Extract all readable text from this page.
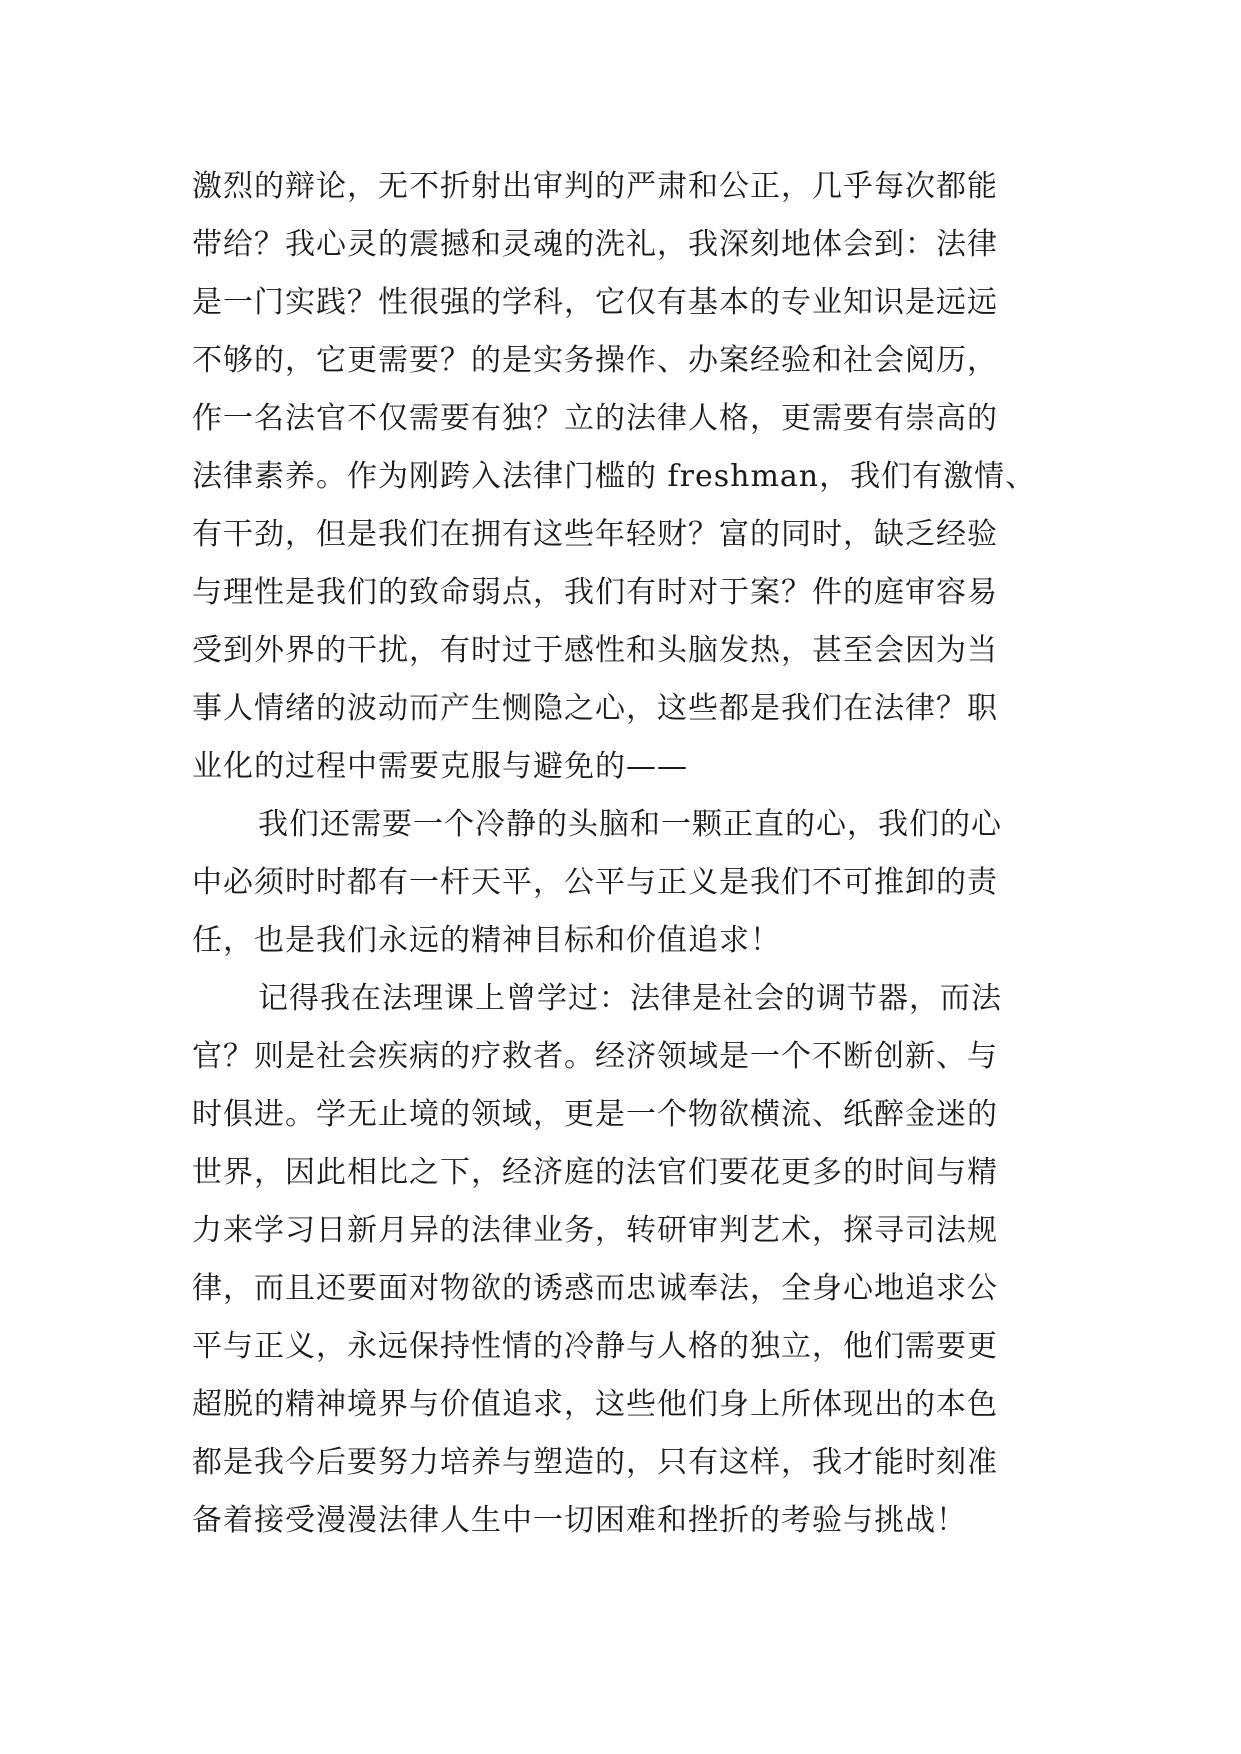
激烈的辩论，无不折射出审判的严肃和公正，几乎每次都能
带给？我心灵的震撼和灵魂的洗礼，我深刻地体会到：法律
是一门实践？性很强的学科，它仅有基本的专业知识是远远
不够的，它更需要？的是实务操作、办案经验和社会阅历，
作一名法官不仅需要有独？立的法律人格，更需要有崇高的
法律素养。作为刚跨入法律门槛的 freshman，我们有激情、
有干劲，但是我们在拥有这些年轻财？富的同时，缺乏经验
与理性是我们的致命弱点，我们有时对于案？件的庭审容易
受到外界的干扰，有时过于感性和头脑发热，甚至会因为当
事人情绪的波动而产生恻隐之心，这些都是我们在法律？职
业化的过程中需要克服与避免的——
我们还需要一个冷静的头脑和一颗正直的心，我们的心
中必须时时都有一杆天平，公平与正义是我们不可推卸的责
任，也是我们永远的精神目标和价值追求！
记得我在法理课上曾学过：法律是社会的调节器，而法
官？则是社会疾病的疗救者。经济领域是一个不断创新、与
时俱进。学无止境的领域，更是一个物欲横流、纸醉金迷的
世界，因此相比之下，经济庭的法官们要花更多的时间与精
力来学习日新月异的法律业务，转研审判艺术，探寻司法规
律，而且还要面对物欲的诱惑而忠诚奉法，全身心地追求公
平与正义，永远保持性情的冷静与人格的独立，他们需要更
超脱的精神境界与价值追求，这些他们身上所体现出的本色
都是我今后要努力培养与塑造的，只有这样，我才能时刻准
备着接受漫漫法律人生中一切困难和挫折的考验与挑战！
